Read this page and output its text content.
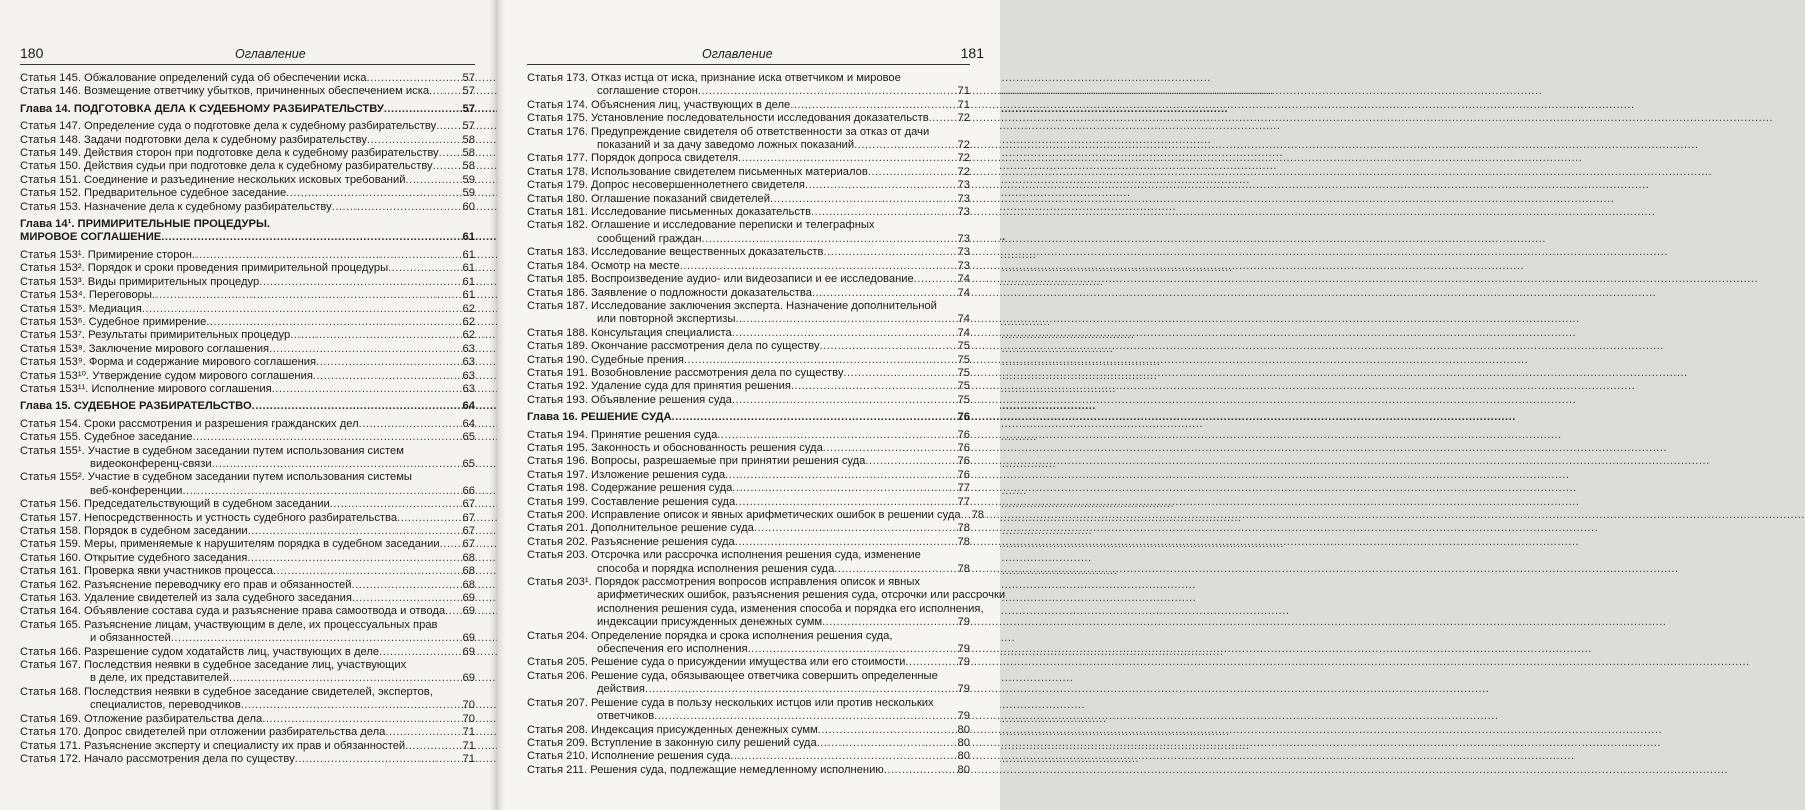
180	Оглавление
Статья 145. Обжалование определений суда об обеспечении иска .....	57
Статья 146. Возмещение ответчику убытков, причиненных обеспечением иска .....	57
Глава 14. ПОДГОТОВКА ДЕЛА К СУДЕБНОМУ РАЗБИРАТЕЛЬСТВУ .....	57
Статья 147. Определение суда о подготовке дела к судебному разбирательству ..... 57
Статья 148. Задачи подготовки дела к судебному разбирательству .....	58
Статья 149. Действия сторон при подготовке дела к судебному разбирательству ..... 58
Статья 150. Действия судьи при подготовке дела к судебному разбирательству .....	58
Статья 151. Соединение и разъединение нескольких исковых требований .....	59
Статья 152. Предварительное судебное заседание .....	59
Статья 153. Назначение дела к судебному разбирательству .....	60
Глава 14¹. ПРИМИРИТЕЛЬНЫЕ ПРОЦЕДУРЫ.
МИРОВОЕ СОГЛАШЕНИЕ .....	61
Статья 153¹. Примирение сторон .....	61
Статья 153². Порядок и сроки проведения примирительной процедуры .....	61
Статья 153³. Виды примирительных процедур .....	61
Статья 153⁴. Переговоры .....	61
Статья 153⁵. Медиация .....	62
Статья 153⁶. Судебное примирение .....	62
Статья 153⁷. Результаты примирительных процедур .....	62
Статья 153⁸. Заключение мирового соглашения .....	63
Статья 153⁹. Форма и содержание мирового соглашения .....	63
Статья 153¹⁰. Утверждение судом мирового соглашения .....	63
Статья 153¹¹. Исполнение мирового соглашения .....	63
Глава 15. СУДЕБНОЕ РАЗБИРАТЕЛЬСТВО .....	64
Статья 154. Сроки рассмотрения и разрешения гражданских дел .....	64
Статья 155. Судебное заседание .....	65
Статья 155¹. Участие в судебном заседании путем использования систем
видеоконференц-связи .....	65
Статья 155². Участие в судебном заседании путем использования системы
веб-конференции .....	66
Статья 156. Председательствующий в судебном заседании .....	67
Статья 157. Непосредственность и устность судебного разбирательства .....	67
Статья 158. Порядок в судебном заседании .....	67
Статья 159. Меры, применяемые к нарушителям порядка в судебном заседании ..... 67
Статья 160. Открытие судебного заседания .....	68
Статья 161. Проверка явки участников процесса .....	68
Статья 162. Разъяснение переводчику его прав и обязанностей .....	68
Статья 163. Удаление свидетелей из зала судебного заседания .....	69
Статья 164. Объявление состава суда и разъяснение права самоотвода и отвода ..... 69
Статья 165. Разъяснение лицам, участвующим в деле, их процессуальных прав
и обязанностей .....	69
Статья 166. Разрешение судом ходатайств лиц, участвующих в деле .....	69
Статья 167. Последствия неявки в судебное заседание лиц, участвующих
в деле, их представителей .....	69
Статья 168. Последствия неявки в судебное заседание свидетелей, экспертов,
специалистов, переводчиков .....	70
Статья 169. Отложение разбирательства дела .....	70
Статья 170. Допрос свидетелей при отложении разбирательства дела .....	71
Статья 171. Разъяснение эксперту и специалисту их прав и обязанностей .....	71
Статья 172. Начало рассмотрения дела по существу .....	71
Оглавление	181
Статья 173. Отказ истца от иска, признание иска ответчиком и мировое
соглашение сторон .....	71
Статья 174. Объяснения лиц, участвующих в деле .....	71
Статья 175. Установление последовательности исследования доказательств .....	72
Статья 176. Предупреждение свидетеля об ответственности за отказ от дачи
показаний и за дачу заведомо ложных показаний .....	72
Статья 177. Порядок допроса свидетеля .....	72
Статья 178. Использование свидетелем письменных материалов .....	72
Статья 179. Допрос несовершеннолетнего свидетеля .....	73
Статья 180. Оглашение показаний свидетелей .....	73
Статья 181. Исследование письменных доказательств .....	73
Статья 182. Оглашение и исследование переписки и телеграфных
сообщений граждан .....	73
Статья 183. Исследование вещественных доказательств .....	73
Статья 184. Осмотр на месте .....	73
Статья 185. Воспроизведение аудио- или видеозаписи и ее исследование .....	74
Статья 186. Заявление о подложности доказательства .....	74
Статья 187. Исследование заключения эксперта. Назначение дополнительной
или повторной экспертизы .....	74
Статья 188. Консультация специалиста .....	74
Статья 189. Окончание рассмотрения дела по существу .....	75
Статья 190. Судебные прения .....	75
Статья 191. Возобновление рассмотрения дела по существу .....	75
Статья 192. Удаление суда для принятия решения .....	75
Статья 193. Объявление решения суда .....	75
Глава 16. РЕШЕНИЕ СУДА .....	76
Статья 194. Принятие решения суда .....	76
Статья 195. Законность и обоснованность решения суда .....	76
Статья 196. Вопросы, разрешаемые при принятии решения суда .....	76
Статья 197. Изложение решения суда .....	76
Статья 198. Содержание решения суда .....	77
Статья 199. Составление решения суда .....	77
Статья 200. Исправление описок и явных арифметических ошибок в решении суда ..... 78
Статья 201. Дополнительное решение суда .....	78
Статья 202. Разъяснение решения суда .....	78
Статья 203. Отсрочка или рассрочка исполнения решения суда, изменение
способа и порядка исполнения решения суда .....	78
Статья 203¹. Порядок рассмотрения вопросов исправления описок и явных
арифметических ошибок, разъяснения решения суда, отсрочки или рассрочки
исполнения решения суда, изменения способа и порядка его исполнения,
индексации присужденных денежных сумм .....	79
Статья 204. Определение порядка и срока исполнения решения суда,
обеспечения его исполнения .....	79
Статья 205. Решение суда о присуждении имущества или его стоимости .....	79
Статья 206. Решение суда, обязывающее ответчика совершить определенные
действия .....	79
Статья 207. Решение суда в пользу нескольких истцов или против нескольких
ответчиков .....	79
Статья 208. Индексация присужденных денежных сумм .....	80
Статья 209. Вступление в законную силу решений суда .....	80
Статья 210. Исполнение решения суда .....	80
Статья 211. Решения суда, подлежащие немедленному исполнению .....	80
